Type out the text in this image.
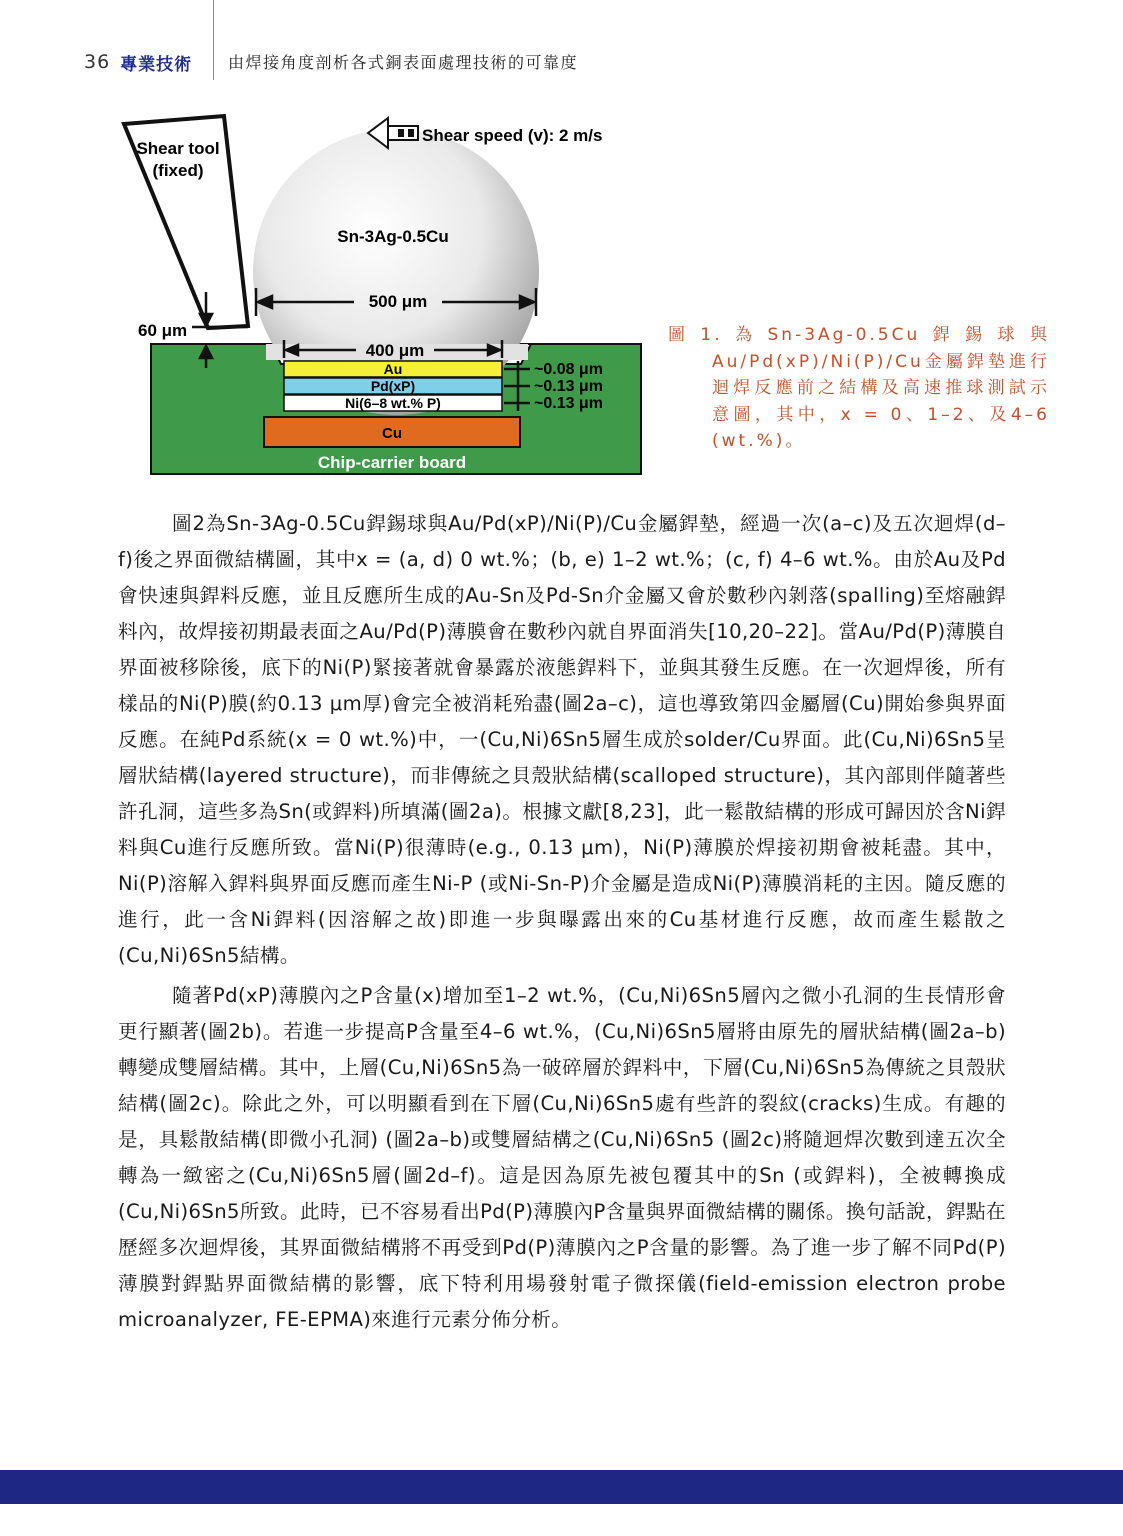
36 專業技術 由焊接角度剖析各式銅表面處理技術的可靠度
Shear tool
(fixed)
Shear speed (v): 2 m/s
Sn-3Ag-0.5Cu
500 μm
400 μm
60 μm
Au
Pd(xP)
Ni(6–8 wt.% P)
Cu
Chip-carrier board
~0.08 μm
~0.13 μm
~0.13 μm
圖1.為Sn-3Ag-0.5Cu銲錫球與Au/Pd(xP)/Ni(P)/Cu金屬銲墊進行迴焊反應前之結構及高速推球測試示意圖，其中，x = 0、1–2、及4–6 (wt.%)。

圖2為Sn-3Ag-0.5Cu銲錫球與Au/Pd(xP)/Ni(P)/Cu金屬銲墊，經過一次(a–c)及五次迴焊(d–f)後之界面微結構圖，其中x = (a, d) 0 wt.%；(b, e) 1–2 wt.%；(c, f) 4–6 wt.%。由於Au及Pd會快速與銲料反應，並且反應所生成的Au-Sn及Pd-Sn介金屬又會於數秒內剝落(spalling)至熔融銲料內，故焊接初期最表面之Au/Pd(P)薄膜會在數秒內就自界面消失[10,20–22]。當Au/Pd(P)薄膜自界面被移除後，底下的Ni(P)緊接著就會暴露於液態銲料下，並與其發生反應。在一次迴焊後，所有樣品的Ni(P)膜(約0.13 μm厚)會完全被消耗殆盡(圖2a–c)，這也導致第四金屬層(Cu)開始參與界面反應。在純Pd系統(x = 0 wt.%)中，一(Cu,Ni)6Sn5層生成於solder/Cu界面。此(Cu,Ni)6Sn5呈層狀結構(layered structure)，而非傳統之貝殼狀結構(scalloped structure)，其內部則伴隨著些許孔洞，這些多為Sn(或銲料)所填滿(圖2a)。根據文獻[8,23]，此一鬆散結構的形成可歸因於含Ni銲料與Cu進行反應所致。當Ni(P)很薄時(e.g., 0.13 μm)，Ni(P)薄膜於焊接初期會被耗盡。其中，Ni(P)溶解入銲料與界面反應而產生Ni-P (或Ni-Sn-P)介金屬是造成Ni(P)薄膜消耗的主因。隨反應的進行，此一含Ni銲料(因溶解之故)即進一步與曝露出來的Cu基材進行反應，故而產生鬆散之(Cu,Ni)6Sn5結構。

隨著Pd(xP)薄膜內之P含量(x)增加至1–2 wt.%，(Cu,Ni)6Sn5層內之微小孔洞的生長情形會更行顯著(圖2b)。若進一步提高P含量至4–6 wt.%，(Cu,Ni)6Sn5層將由原先的層狀結構(圖2a–b)轉變成雙層結構。其中，上層(Cu,Ni)6Sn5為一破碎層於銲料中，下層(Cu,Ni)6Sn5為傳統之貝殼狀結構(圖2c)。除此之外，可以明顯看到在下層(Cu,Ni)6Sn5處有些許的裂紋(cracks)生成。有趣的是，具鬆散結構(即微小孔洞) (圖2a–b)或雙層結構之(Cu,Ni)6Sn5 (圖2c)將隨迴焊次數到達五次全轉為一緻密之(Cu,Ni)6Sn5層(圖2d–f)。這是因為原先被包覆其中的Sn (或銲料)，全被轉換成(Cu,Ni)6Sn5所致。此時，已不容易看出Pd(P)薄膜內P含量與界面微結構的關係。換句話說，銲點在歷經多次迴焊後，其界面微結構將不再受到Pd(P)薄膜內之P含量的影響。為了進一步了解不同Pd(P)薄膜對銲點界面微結構的影響，底下特利用場發射電子微探儀(field-emission electron probe microanalyzer, FE-EPMA)來進行元素分佈分析。
